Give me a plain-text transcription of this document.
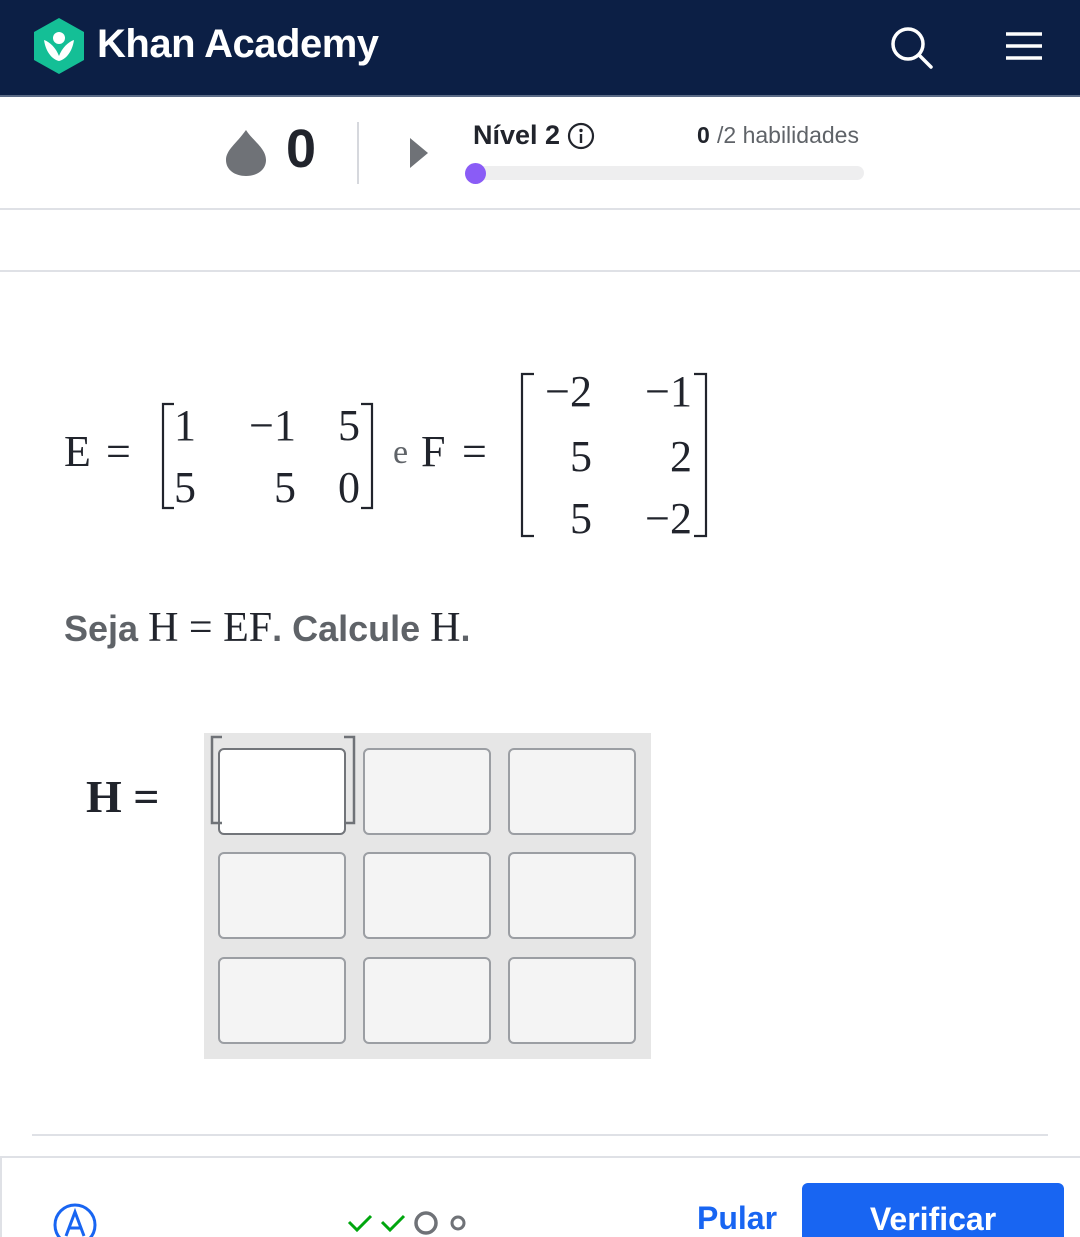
Khan Academy
0	Nível 2	0 /2 habilidades
E =
1	−1 5
5	5 0
e F =
−2	−1
5	2
5	−2
Seja H = EF. Calcule H.
H =
Pular	Verificar
